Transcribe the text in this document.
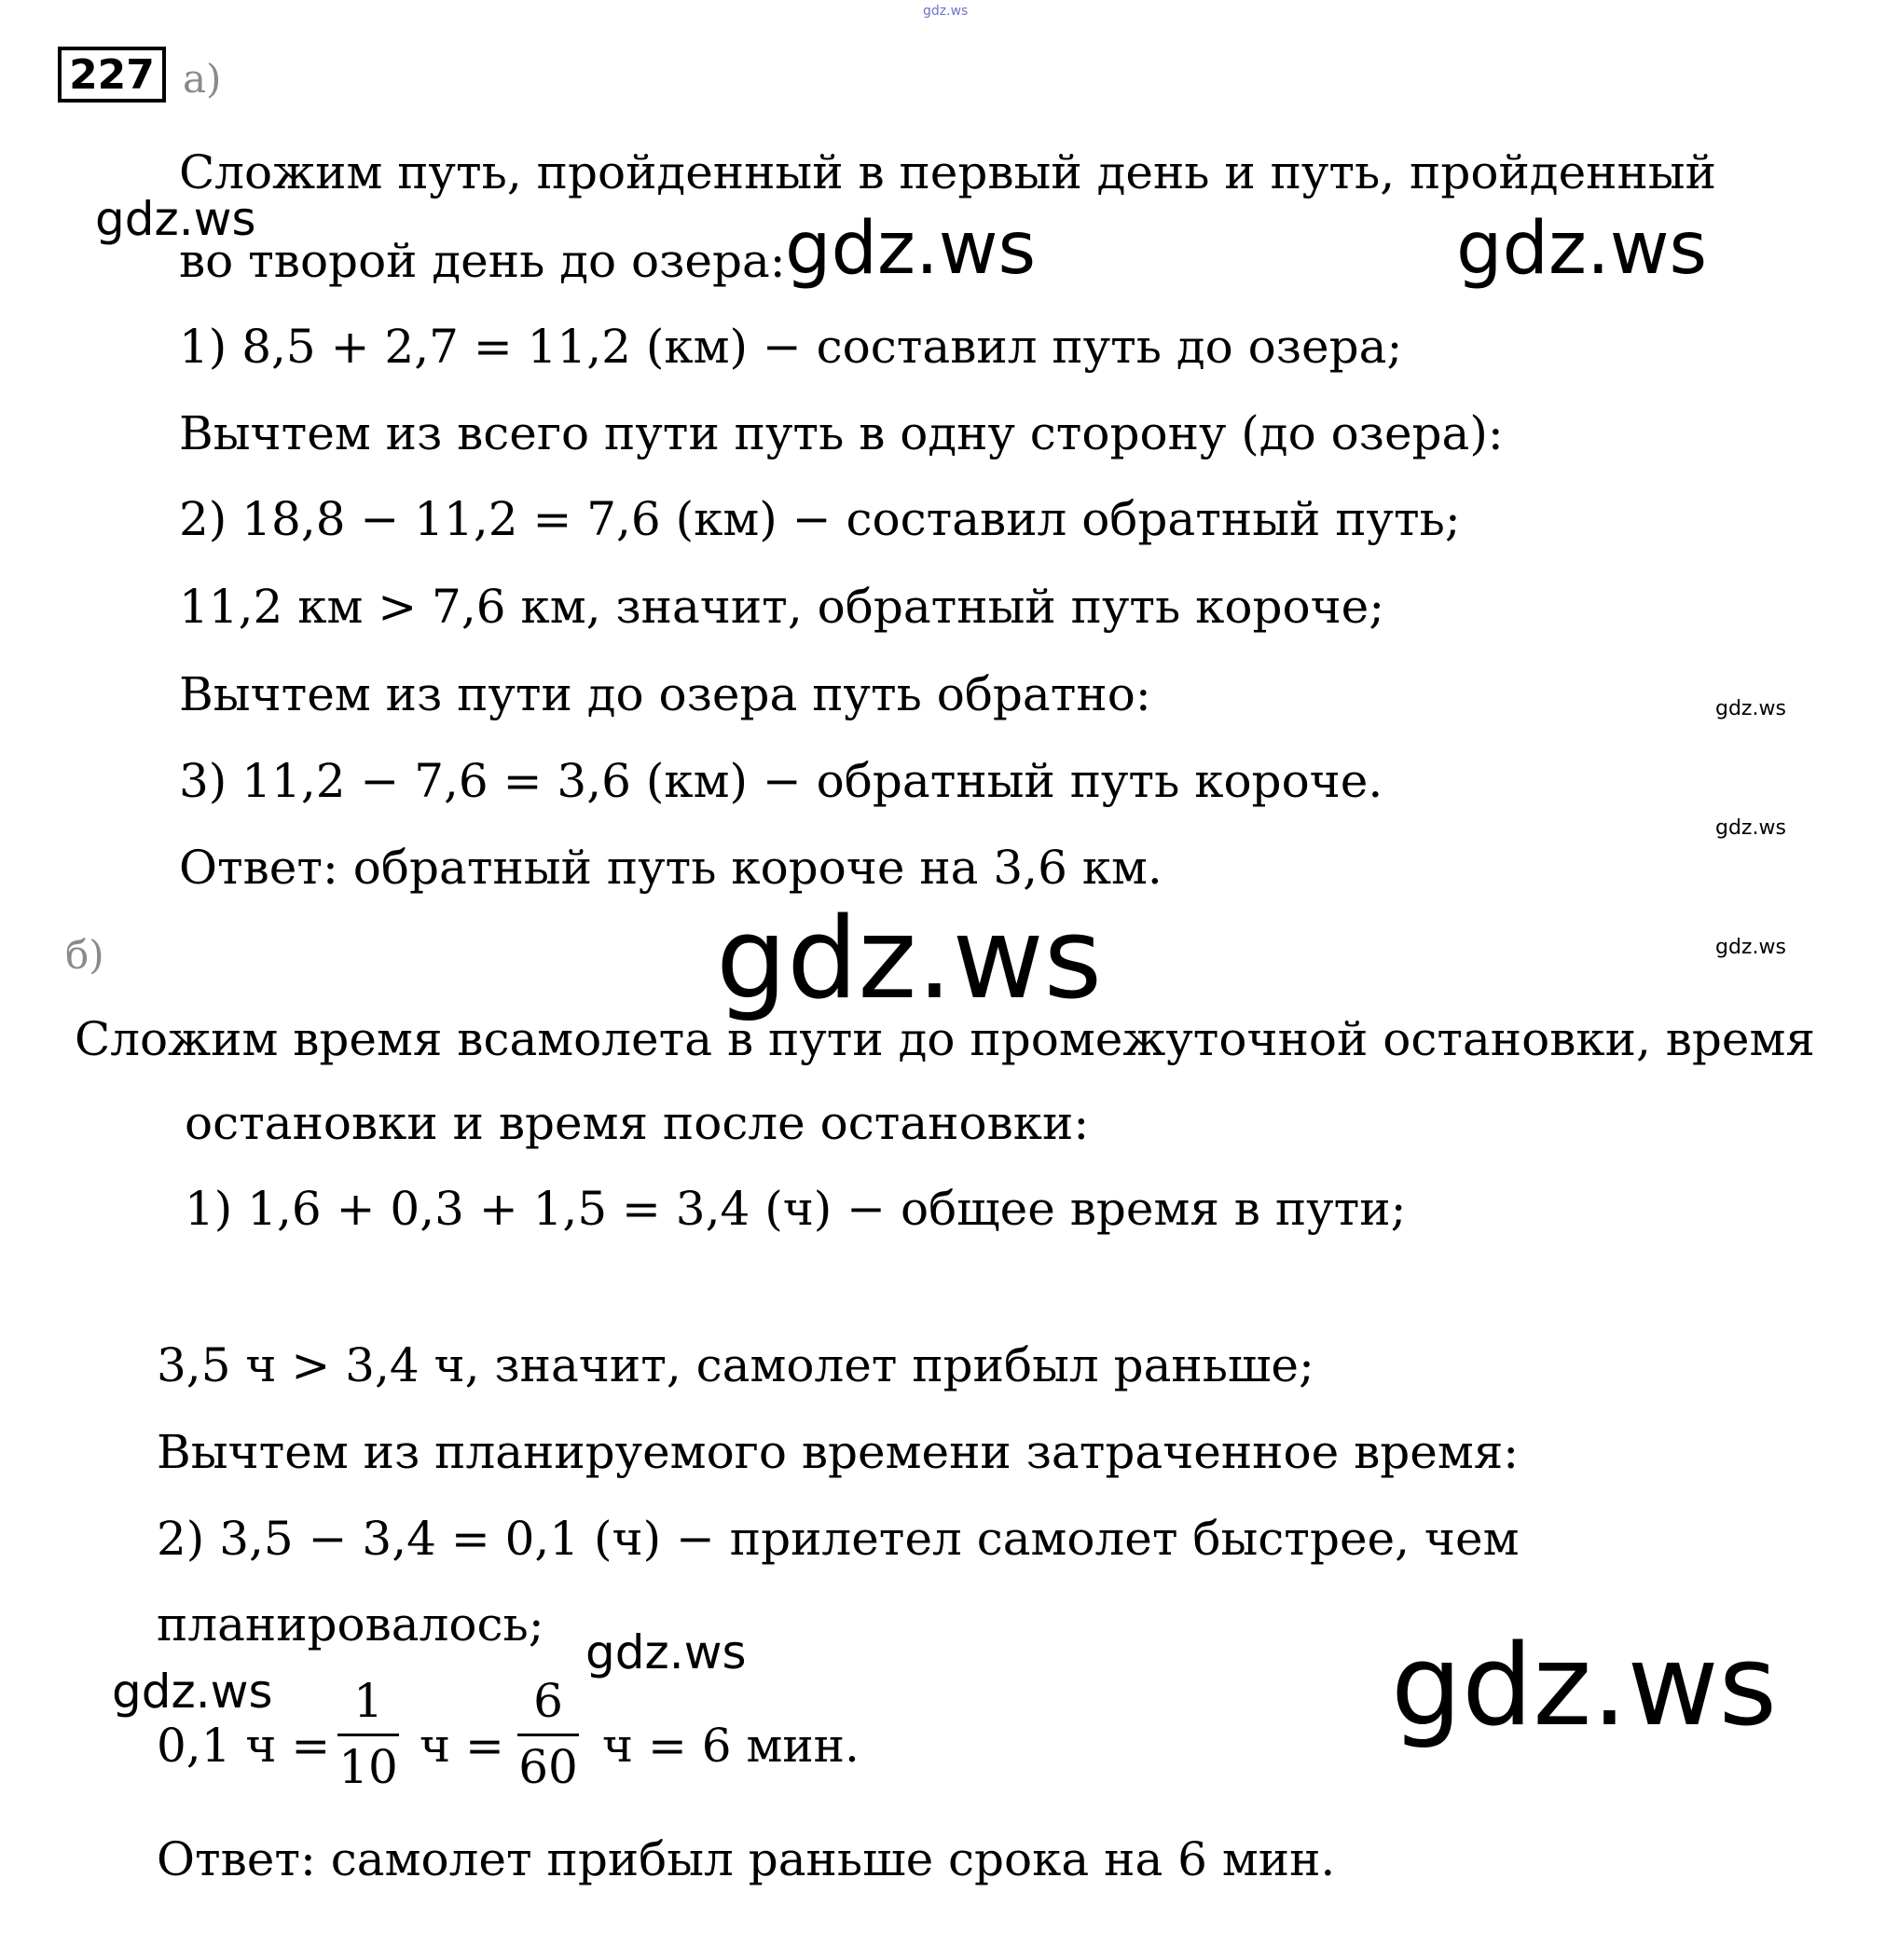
gdz.ws
227 а)
Сложим путь, пройденный в первый день и путь, пройденный
во творой день до озера:
1) 8,5 + 2,7 = 11,2 (км) − составил путь до озера;
Вычтем из всего пути путь в одну сторону (до озера):
2) 18,8 − 11,2 = 7,6 (км) − составил обратный путь;
11,2 км > 7,6 км, значит, обратный путь короче;
Вычтем из пути до озера путь обратно:
3) 11,2 − 7,6 = 3,6 (км) − обратный путь короче.
Ответ: обратный путь короче на 3,6 км.
б)
Сложим время всамолета в пути до промежуточной остановки, время
остановки и время после остановки:
1) 1,6 + 0,3 + 1,5 = 3,4 (ч) − общее время в пути;
3,5 ч > 3,4 ч, значит, самолет прибыл раньше;
Вычтем из планируемого времени затраченное время:
2) 3,5 − 3,4 = 0,1 (ч) − прилетел самолет быстрее, чем
планировалось;
0,1 ч =
1
10 ч =
6
60 ч = 6 мин.
Ответ: самолет прибыл раньше срока на 6 мин.
gdz.ws	gdz.ws	gdz.ws
gdz.ws
gdz.ws
gdz.ws
gdz.ws
gdz.ws
gdz.ws	gdz.ws
